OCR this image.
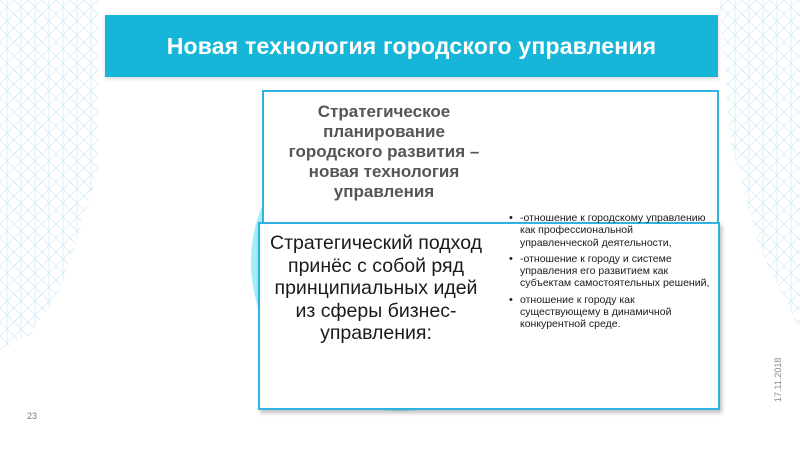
Новая технология городского управления
Стратегическое планирование городского развития – новая технология управления
Стратегический подход принёс с собой ряд принципиальных идей из сферы бизнес-управления:
• -отношение к городскому управлению как профессиональной управленческой деятельности,
• -отношение к городу и системе управления его развитием как субъектам самостоятельных решений,
• отношение к городу как существующему в динамичной конкурентной среде.
23
17.11.2018
